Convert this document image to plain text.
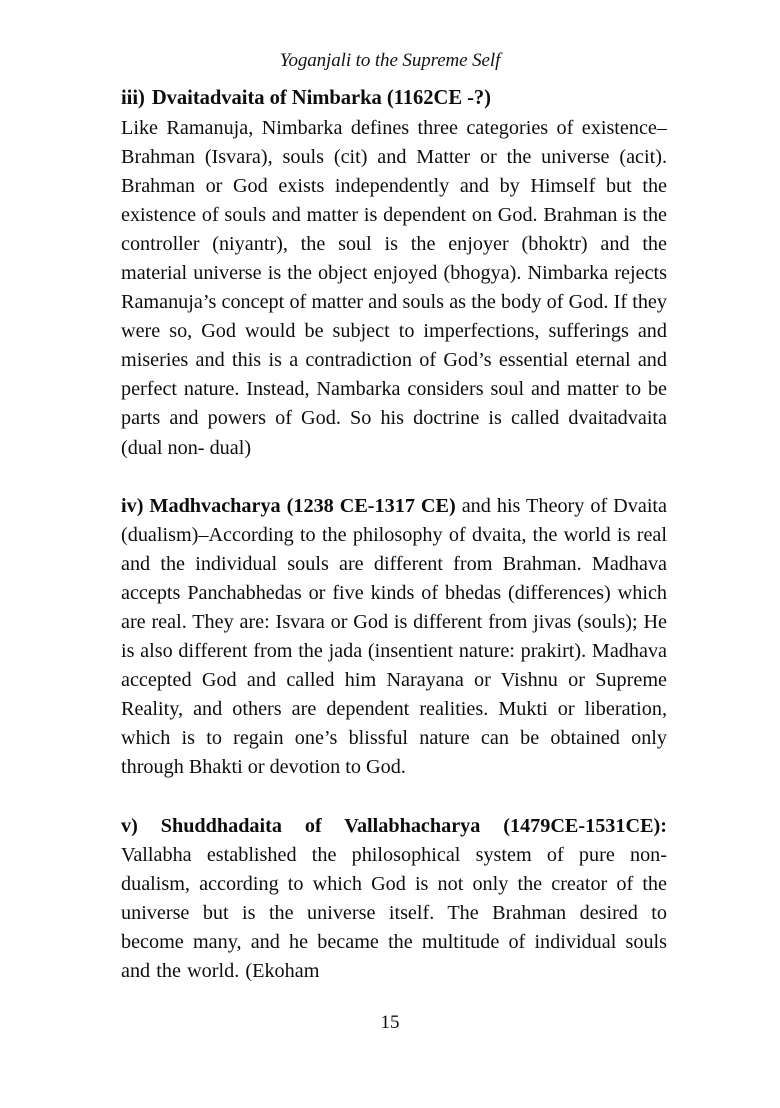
Yoganjali to the Supreme Self

iii) Dvaitadvaita of Nimbarka (1162CE -?)
Like Ramanuja, Nimbarka defines three categories of existence–Brahman (Isvara), souls (cit) and Matter or the universe (acit). Brahman or God exists independently and by Himself but the existence of souls and matter is dependent on God. Brahman is the controller (niyantr), the soul is the enjoyer (bhoktr) and the material universe is the object enjoyed (bhogya). Nimbarka rejects Ramanuja’s concept of matter and souls as the body of God. If they were so, God would be subject to imperfections, sufferings and miseries and this is a contradiction of God’s essential eternal and perfect nature. Instead, Nambarka considers soul and matter to be parts and powers of God. So his doctrine is called dvaitadvaita (dual non- dual)

iv) Madhvacharya (1238 CE-1317 CE) and his Theory of Dvaita (dualism)–According to the philosophy of dvaita, the world is real and the individual souls are different from Brahman. Madhava accepts Panchabhedas or five kinds of bhedas (differences) which are real. They are: Isvara or God is different from jivas (souls); He is also different from the jada (insentient nature: prakirt). Madhava accepted God and called him Narayana or Vishnu or Supreme Reality, and others are dependent realities. Mukti or liberation, which is to regain one’s blissful nature can be obtained only through Bhakti or devotion to God.

v) Shuddhadaita of Vallabhacharya (1479CE-1531CE): Vallabha established the philosophical system of pure non-dualism, according to which God is not only the creator of the universe but is the universe itself. The Brahman desired to become many, and he became the multitude of individual souls and the world. (Ekoham

15
